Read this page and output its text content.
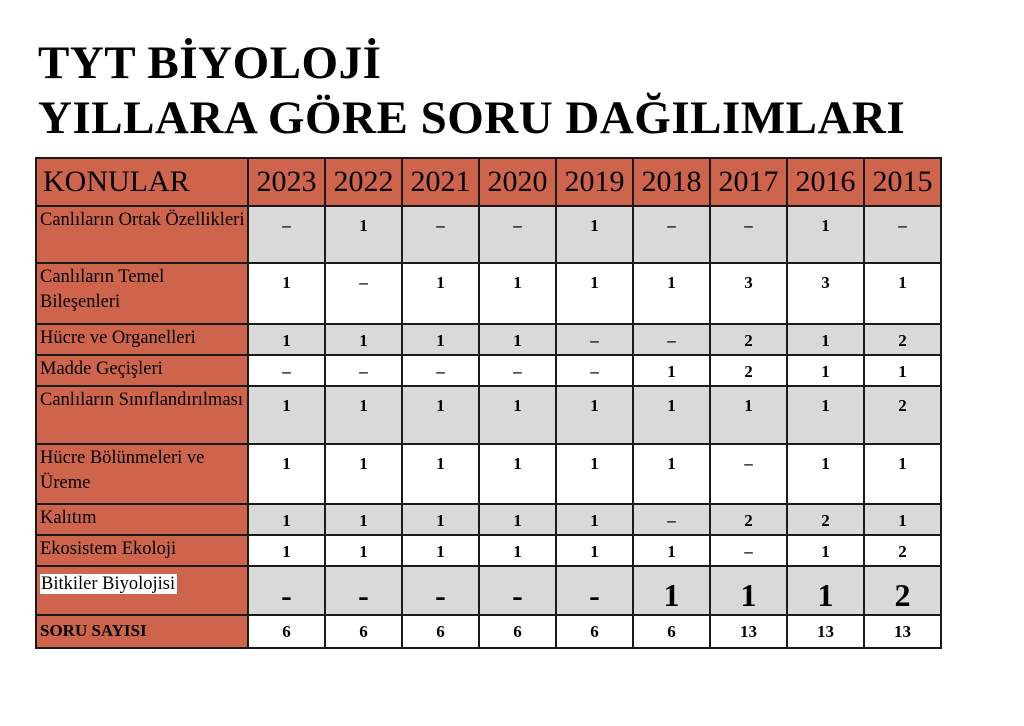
TYT BİYOLOJİ
YILLARA GÖRE SORU DAĞILIMLARI
KONULAR	2023	2022	2021	2020	2019	2018	2017	2016	2015
Canlıların Ortak Özellikleri	–	1	–	–	1	–	–	1	–
Canlıların Temel Bileşenleri	1	–	1	1	1	1	3	3	1
Hücre ve Organelleri	1	1	1	1	–	–	2	1	2
Madde Geçişleri	–	–	–	–	–	1	2	1	1
Canlıların Sınıflandırılması	1	1	1	1	1	1	1	1	2
Hücre Bölünmeleri ve Üreme	1	1	1	1	1	1	–	1	1
Kalıtım	1	1	1	1	1	–	2	2	1
Ekosistem Ekoloji	1	1	1	1	1	1	–	1	2
Bitkiler Biyolojisi	-	-	-	-	-	1	1	1	2
SORU SAYISI	6	6	6	6	6	6	13	13	13
